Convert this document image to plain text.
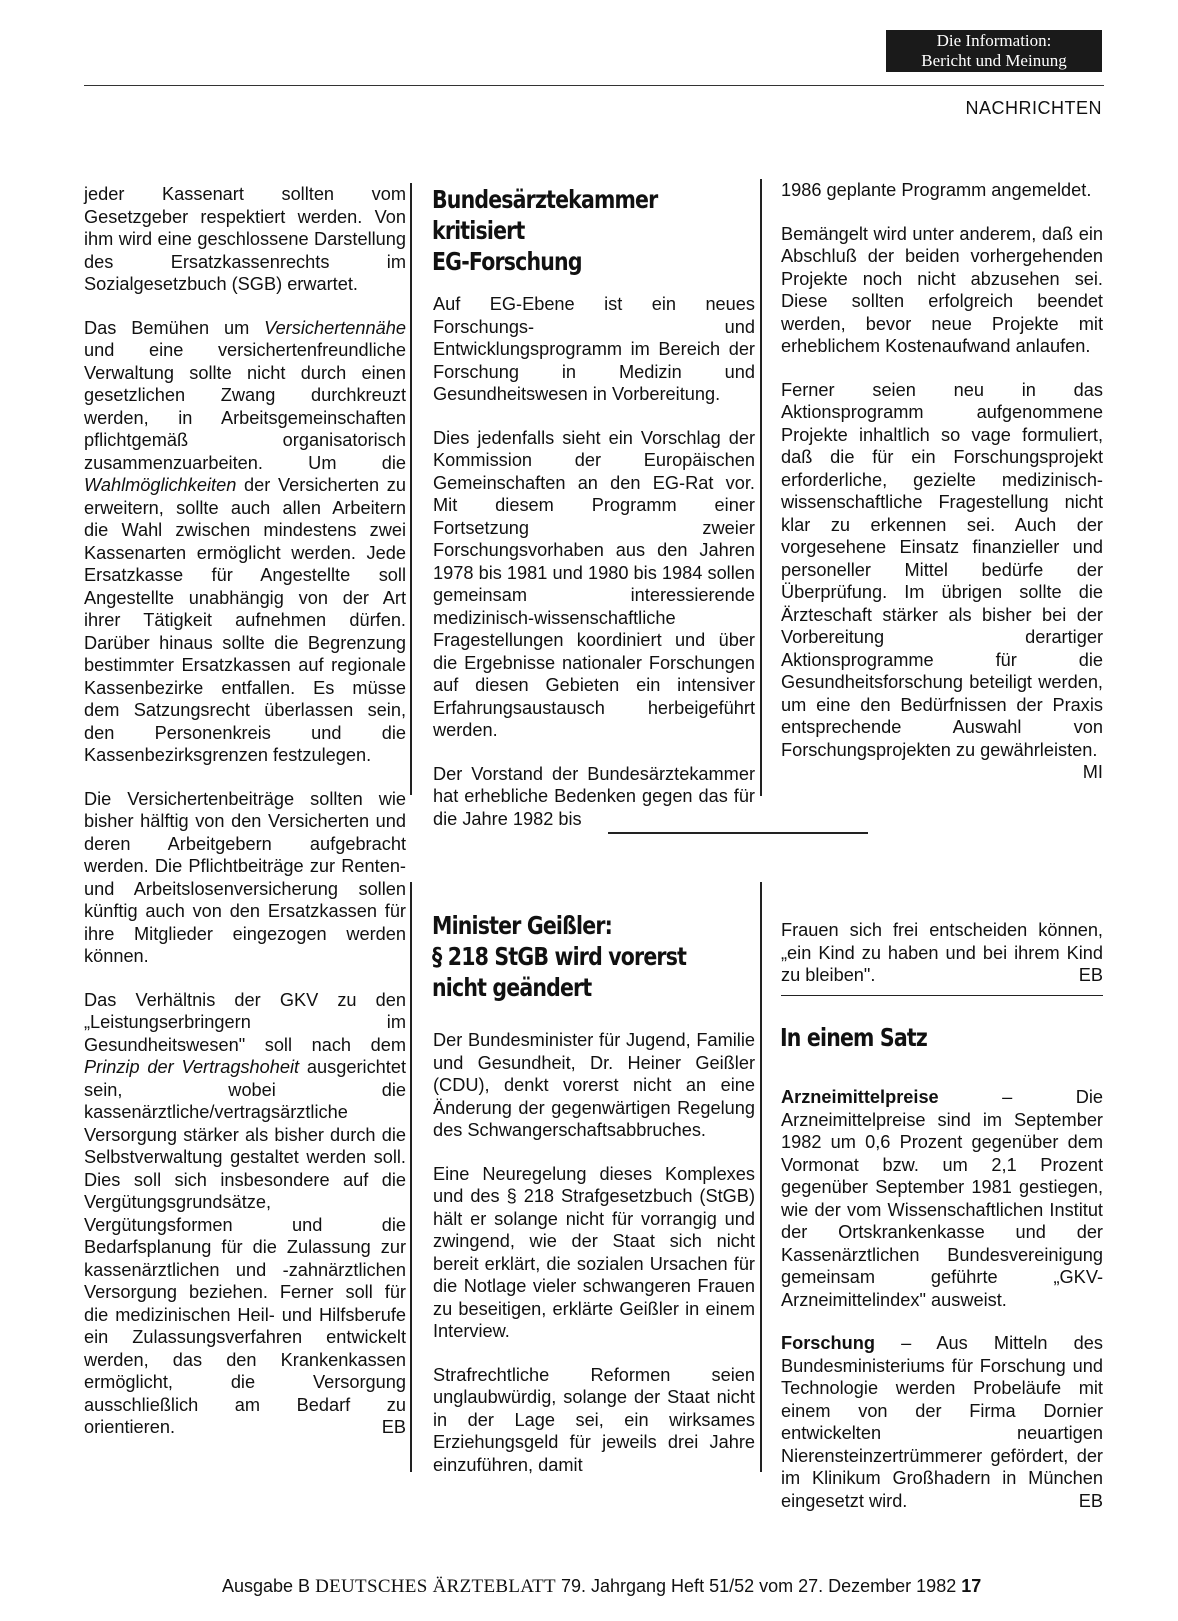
Die Information:
Bericht und Meinung
NACHRICHTEN

jeder Kassenart sollten vom Gesetzgeber respektiert werden. Von ihm wird eine geschlossene Darstellung des Ersatzkassenrechts im Sozialgesetzbuch (SGB) erwartet.

Das Bemühen um Versichertennähe und eine versichertenfreundliche Verwaltung sollte nicht durch einen gesetzlichen Zwang durchkreuzt werden, in Arbeitsgemeinschaften pflichtgemäß organisatorisch zusammenzuarbeiten. Um die Wahlmöglichkeiten der Versicherten zu erweitern, sollte auch allen Arbeitern die Wahl zwischen mindestens zwei Kassenarten ermöglicht werden. Jede Ersatzkasse für Angestellte soll Angestellte unabhängig von der Art ihrer Tätigkeit aufnehmen dürfen. Darüber hinaus sollte die Begrenzung bestimmter Ersatzkassen auf regionale Kassenbezirke entfallen. Es müsse dem Satzungsrecht überlassen sein, den Personenkreis und die Kassenbezirksgrenzen festzulegen.

Die Versichertenbeiträge sollten wie bisher hälftig von den Versicherten und deren Arbeitgebern aufgebracht werden. Die Pflichtbeiträge zur Renten- und Arbeitslosenversicherung sollen künftig auch von den Ersatzkassen für ihre Mitglieder eingezogen werden können.

Das Verhältnis der GKV zu den „Leistungserbringern im Gesundheitswesen" soll nach dem Prinzip der Vertragshoheit ausgerichtet sein, wobei die kassenärztliche/vertragsärztliche Versorgung stärker als bisher durch die Selbstverwaltung gestaltet werden soll. Dies soll sich insbesondere auf die Vergütungsgrundsätze, Vergütungsformen und die Bedarfsplanung für die Zulassung zur kassenärztlichen und -zahnärztlichen Versorgung beziehen. Ferner soll für die medizinischen Heil- und Hilfsberufe ein Zulassungsverfahren entwickelt werden, das den Krankenkassen ermöglicht, die Versorgung ausschließlich am Bedarf zu orientieren.	EB

Bundesärztekammer
kritisiert
EG-Forschung

Auf EG-Ebene ist ein neues Forschungs- und Entwicklungsprogramm im Bereich der Forschung in Medizin und Gesundheitswesen in Vorbereitung.

Dies jedenfalls sieht ein Vorschlag der Kommission der Europäischen Gemeinschaften an den EG-Rat vor. Mit diesem Programm einer Fortsetzung zweier Forschungsvorhaben aus den Jahren 1978 bis 1981 und 1980 bis 1984 sollen gemeinsam interessierende medizinisch-wissenschaftliche Fragestellungen koordiniert und über die Ergebnisse nationaler Forschungen auf diesen Gebieten ein intensiver Erfahrungsaustausch herbeigeführt werden.

Der Vorstand der Bundesärztekammer hat erhebliche Bedenken gegen das für die Jahre 1982 bis

1986 geplante Programm angemeldet.

Bemängelt wird unter anderem, daß ein Abschluß der beiden vorhergehenden Projekte noch nicht abzusehen sei. Diese sollten erfolgreich beendet werden, bevor neue Projekte mit erheblichem Kostenaufwand anlaufen.

Ferner seien neu in das Aktionsprogramm aufgenommene Projekte inhaltlich so vage formuliert, daß die für ein Forschungsprojekt erforderliche, gezielte medizinisch-wissenschaftliche Fragestellung nicht klar zu erkennen sei. Auch der vorgesehene Einsatz finanzieller und personeller Mittel bedürfe der Überprüfung. Im übrigen sollte die Ärzteschaft stärker als bisher bei der Vorbereitung derartiger Aktionsprogramme für die Gesundheitsforschung beteiligt werden, um eine den Bedürfnissen der Praxis entsprechende Auswahl von Forschungsprojekten zu gewährleisten.
MI

Minister Geißler:
§ 218 StGB wird vorerst
nicht geändert

Der Bundesminister für Jugend, Familie und Gesundheit, Dr. Heiner Geißler (CDU), denkt vorerst nicht an eine Änderung der gegenwärtigen Regelung des Schwangerschaftsabbruches.

Eine Neuregelung dieses Komplexes und des § 218 Strafgesetzbuch (StGB) hält er solange nicht für vorrangig und zwingend, wie der Staat sich nicht bereit erklärt, die sozialen Ursachen für die Notlage vieler schwangeren Frauen zu beseitigen, erklärte Geißler in einem Interview.

Strafrechtliche Reformen seien unglaubwürdig, solange der Staat nicht in der Lage sei, ein wirksames Erziehungsgeld für jeweils drei Jahre einzuführen, damit

Frauen sich frei entscheiden können, „ein Kind zu haben und bei ihrem Kind zu bleiben".	EB

In einem Satz

Arzneimittelpreise – Die Arzneimittelpreise sind im September 1982 um 0,6 Prozent gegenüber dem Vormonat bzw. um 2,1 Prozent gegenüber September 1981 gestiegen, wie der vom Wissenschaftlichen Institut der Ortskrankenkasse und der Kassenärztlichen Bundesvereinigung gemeinsam geführte „GKV-Arzneimittelindex" ausweist.

Forschung – Aus Mitteln des Bundesministeriums für Forschung und Technologie werden Probeläufe mit einem von der Firma Dornier entwickelten neuartigen Nierensteinzertrümmerer gefördert, der im Klinikum Großhadern in München eingesetzt wird.	EB

Ausgabe B DEUTSCHES ÄRZTEBLATT 79. Jahrgang Heft 51/52 vom 27. Dezember 1982 17
